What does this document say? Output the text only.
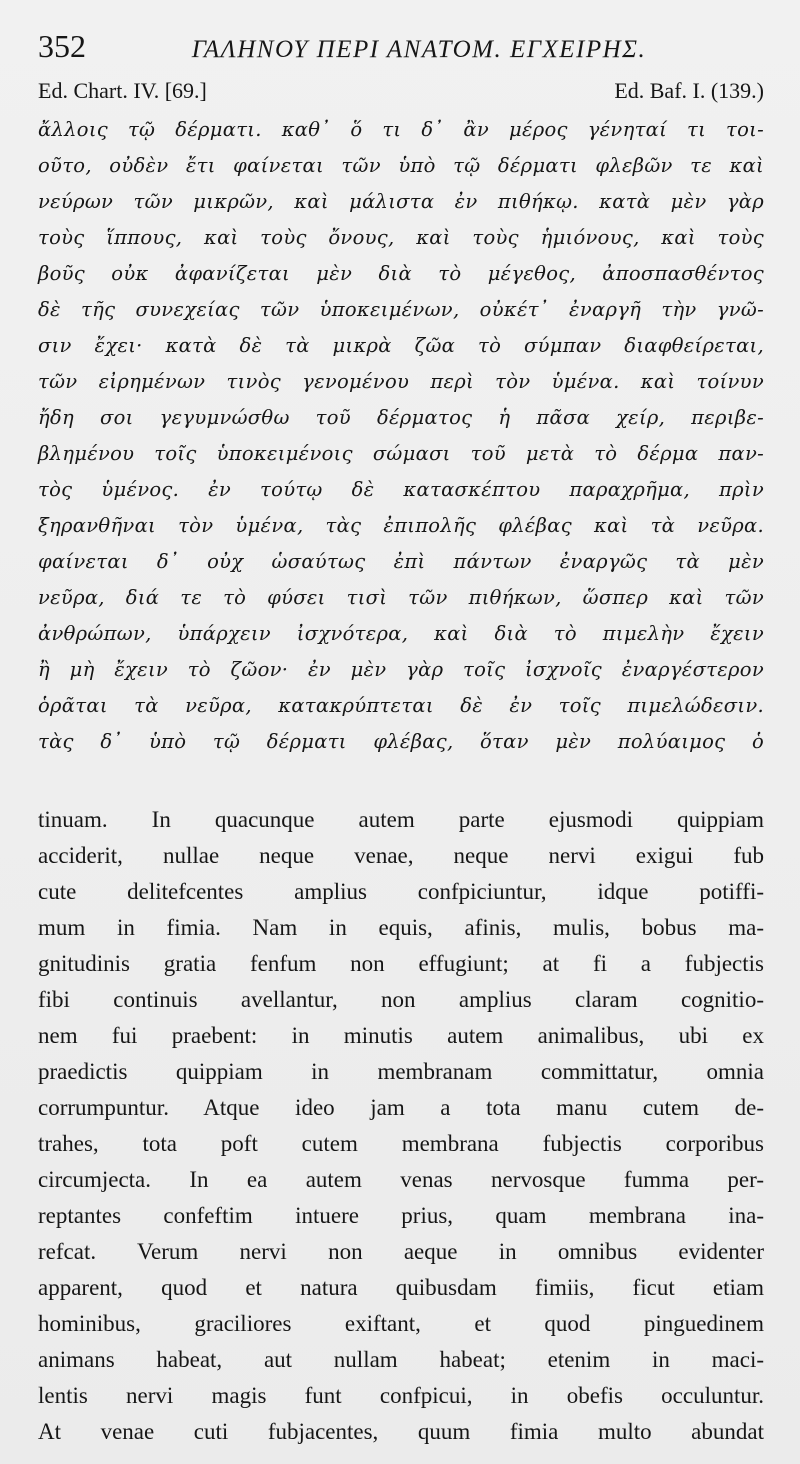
352	ΓΑΛΗΝΟΥ ΠΕΡΙ ΑΝΑΤΟΜ. ΕΓΧΕΙΡΗΣ.
Ed. Chart. IV. [69.]	Ed. Baf. I. (139.)
ἄλλοις τῷ δέρματι. καθ᾿ ὅ τι δ᾿ ἂν μέρος γένηταί τι τοι-
οῦτο, οὐδὲν ἔτι φαίνεται τῶν ὑπὸ τῷ δέρματι φλεβῶν τε καὶ
νεύρων τῶν μικρῶν, καὶ μάλιστα ἐν πιθήκῳ. κατὰ μὲν γὰρ
τοὺς ἵππους, καὶ τοὺς ὄνους, καὶ τοὺς ἡμιόνους, καὶ τοὺς
βοῦς οὐκ ἀφανίζεται μὲν διὰ τὸ μέγεθος, ἀποσπασθέντος
δὲ τῆς συνεχείας τῶν ὑποκειμένων, οὐκέτ᾿ ἐναργῆ τὴν γνῶ-
σιν ἔχει· κατὰ δὲ τὰ μικρὰ ζῶα τὸ σύμπαν διαφθείρεται,
τῶν εἰρημένων τινὸς γενομένου περὶ τὸν ὑμένα. καὶ τοίνυν
ἤδη σοι γεγυμνώσθω τοῦ δέρματος ἡ πᾶσα χείρ, περιβε-
βλημένου τοῖς ὑποκειμένοις σώμασι τοῦ μετὰ τὸ δέρμα παν-
τὸς ὑμένος. ἐν τούτῳ δὲ κατασκέπτου παραχρῆμα, πρὶν
ξηρανθῆναι τὸν ὑμένα, τὰς ἐπιπολῆς φλέβας καὶ τὰ νεῦρα.
φαίνεται δ᾿ οὐχ ὡσαύτως ἐπὶ πάντων ἐναργῶς τὰ μὲν
νεῦρα, διά τε τὸ φύσει τισὶ τῶν πιθήκων, ὥσπερ καὶ τῶν
ἀνθρώπων, ὑπάρχειν ἰσχνότερα, καὶ διὰ τὸ πιμελὴν ἔχειν
ἢ μὴ ἔχειν τὸ ζῶον· ἐν μὲν γὰρ τοῖς ἰσχνοῖς ἐναργέστερον
ὁρᾶται τὰ νεῦρα, κατακρύπτεται δὲ ἐν τοῖς πιμελώδεσιν.
τὰς δ᾿ ὑπὸ τῷ δέρματι φλέβας, ὅταν μὲν πολύαιμος ὁ
tinuam. In quacunque autem parte ejusmodi quippiam
acciderit, nullae neque venae, neque nervi exigui fub
cute delitefcentes amplius confpiciuntur, idque potiffi-
mum in fimia. Nam in equis, afinis, mulis, bobus ma-
gnitudinis gratia fenfum non effugiunt; at fi a fubjectis
fibi continuis avellantur, non amplius claram cognitio-
nem fui praebent: in minutis autem animalibus, ubi ex
praedictis quippiam in membranam committatur, omnia
corrumpuntur. Atque ideo jam a tota manu cutem de-
trahes, tota poft cutem membrana fubjectis corporibus
circumjecta. In ea autem venas nervosque fumma per-
reptantes confeftim intuere prius, quam membrana ina-
refcat. Verum nervi non aeque in omnibus evidenter
apparent, quod et natura quibusdam fimiis, ficut etiam
hominibus, graciliores exiftant, et quod pinguedinem
animans habeat, aut nullam habeat; etenim in maci-
lentis nervi magis funt confpicui, in obefis occuluntur.
At venae cuti fubjacentes, quum fimia multo abundat
